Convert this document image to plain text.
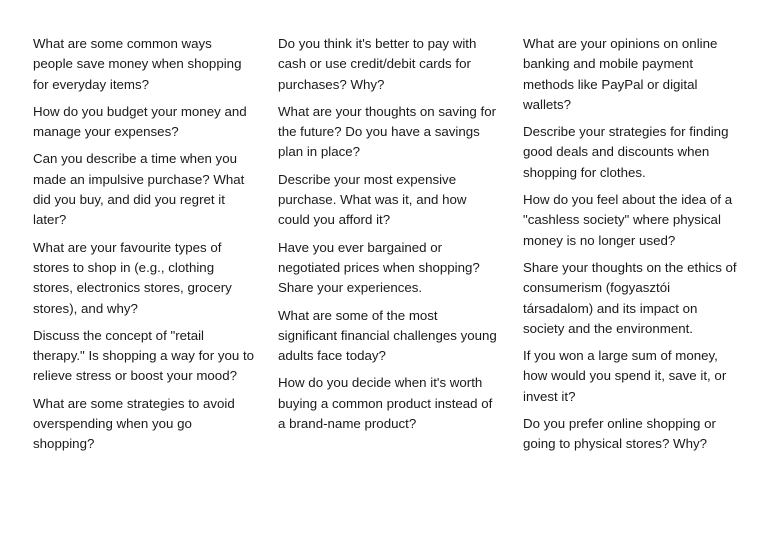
What are some common ways people save money when shopping for everyday items?

How do you budget your money and manage your expenses?

Can you describe a time when you made an impulsive purchase? What did you buy, and did you regret it later?

What are your favourite types of stores to shop in (e.g., clothing stores, electronics stores, grocery stores), and why?

Discuss the concept of "retail therapy." Is shopping a way for you to relieve stress or boost your mood?

What are some strategies to avoid overspending when you go shopping?

Do you think it's better to pay with cash or use credit/debit cards for purchases? Why?

What are your thoughts on saving for the future? Do you have a savings plan in place?

Describe your most expensive purchase. What was it, and how could you afford it?

Have you ever bargained or negotiated prices when shopping? Share your experiences.

What are some of the most significant financial challenges young adults face today?

How do you decide when it's worth buying a common product instead of a brand-name product?

What are your opinions on online banking and mobile payment methods like PayPal or digital wallets?

Describe your strategies for finding good deals and discounts when shopping for clothes.

How do you feel about the idea of a "cashless society" where physical money is no longer used?

Share your thoughts on the ethics of consumerism (fogyasztói társadalom) and its impact on society and the environment.

If you won a large sum of money, how would you spend it, save it, or invest it?

Do you prefer online shopping or going to physical stores? Why?
